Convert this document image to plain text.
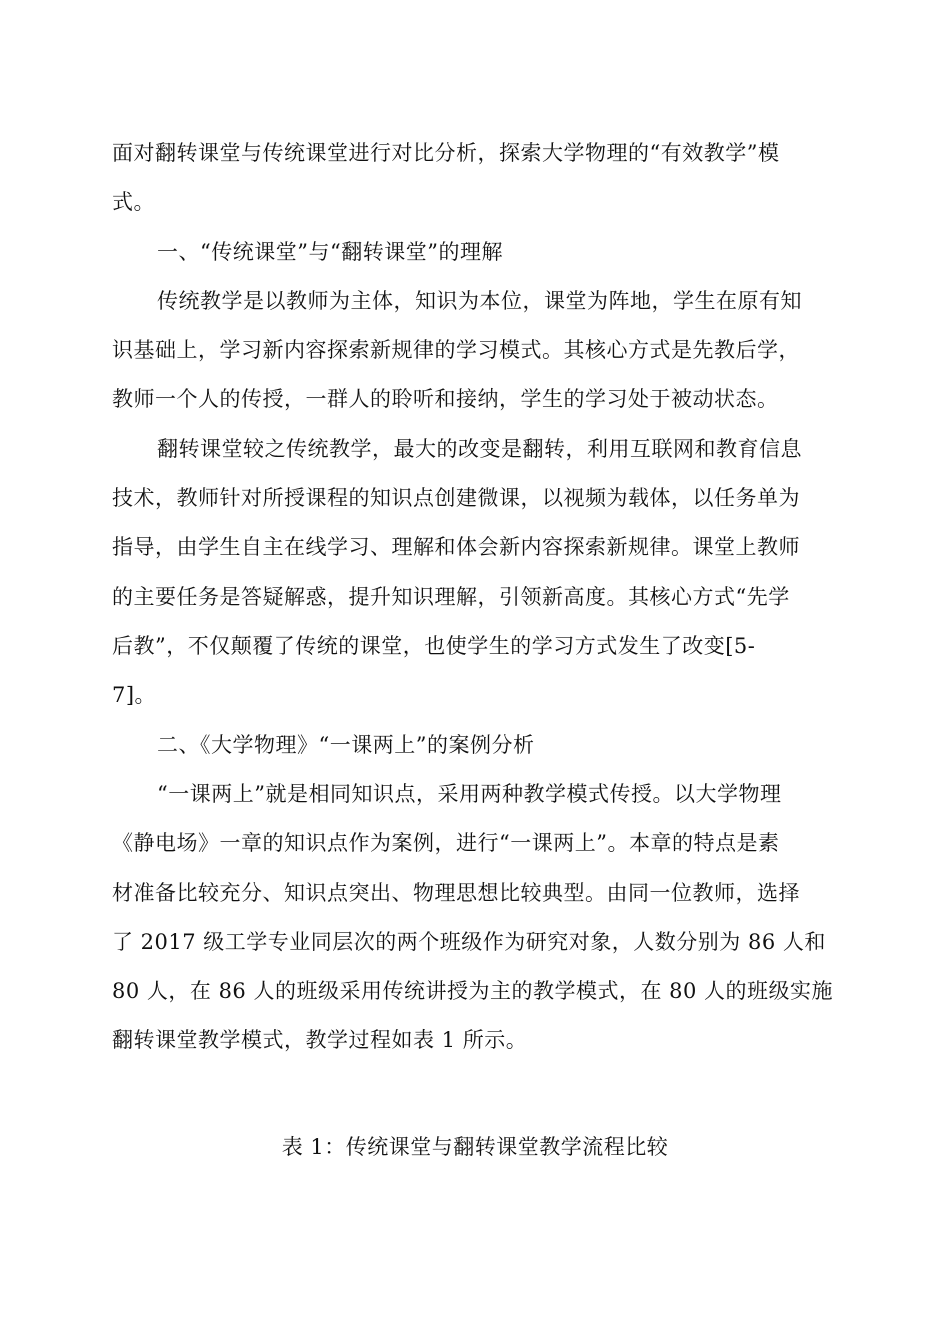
面对翻转课堂与传统课堂进行对比分析，探索大学物理的“有效教学”模
式。
一、“传统课堂”与“翻转课堂”的理解
传统教学是以教师为主体，知识为本位，课堂为阵地，学生在原有知
识基础上，学习新内容探索新规律的学习模式。其核心方式是先教后学，
教师一个人的传授，一群人的聆听和接纳，学生的学习处于被动状态。
翻转课堂较之传统教学，最大的改变是翻转，利用互联网和教育信息
技术，教师针对所授课程的知识点创建微课，以视频为载体，以任务单为
指导，由学生自主在线学习、理解和体会新内容探索新规律。课堂上教师
的主要任务是答疑解惑，提升知识理解，引领新高度。其核心方式“先学
后教”，不仅颠覆了传统的课堂，也使学生的学习方式发生了改变[5-
7]。
二、《大学物理》“一课两上”的案例分析
“一课两上”就是相同知识点，采用两种教学模式传授。以大学物理
《静电场》一章的知识点作为案例，进行“一课两上”。本章的特点是素
材准备比较充分、知识点突出、物理思想比较典型。由同一位教师，选择
了 2017 级工学专业同层次的两个班级作为研究对象，人数分别为 86 人和
80 人，在 86 人的班级采用传统讲授为主的教学模式，在 80 人的班级实施
翻转课堂教学模式，教学过程如表 1 所示。
表 1：传统课堂与翻转课堂教学流程比较
